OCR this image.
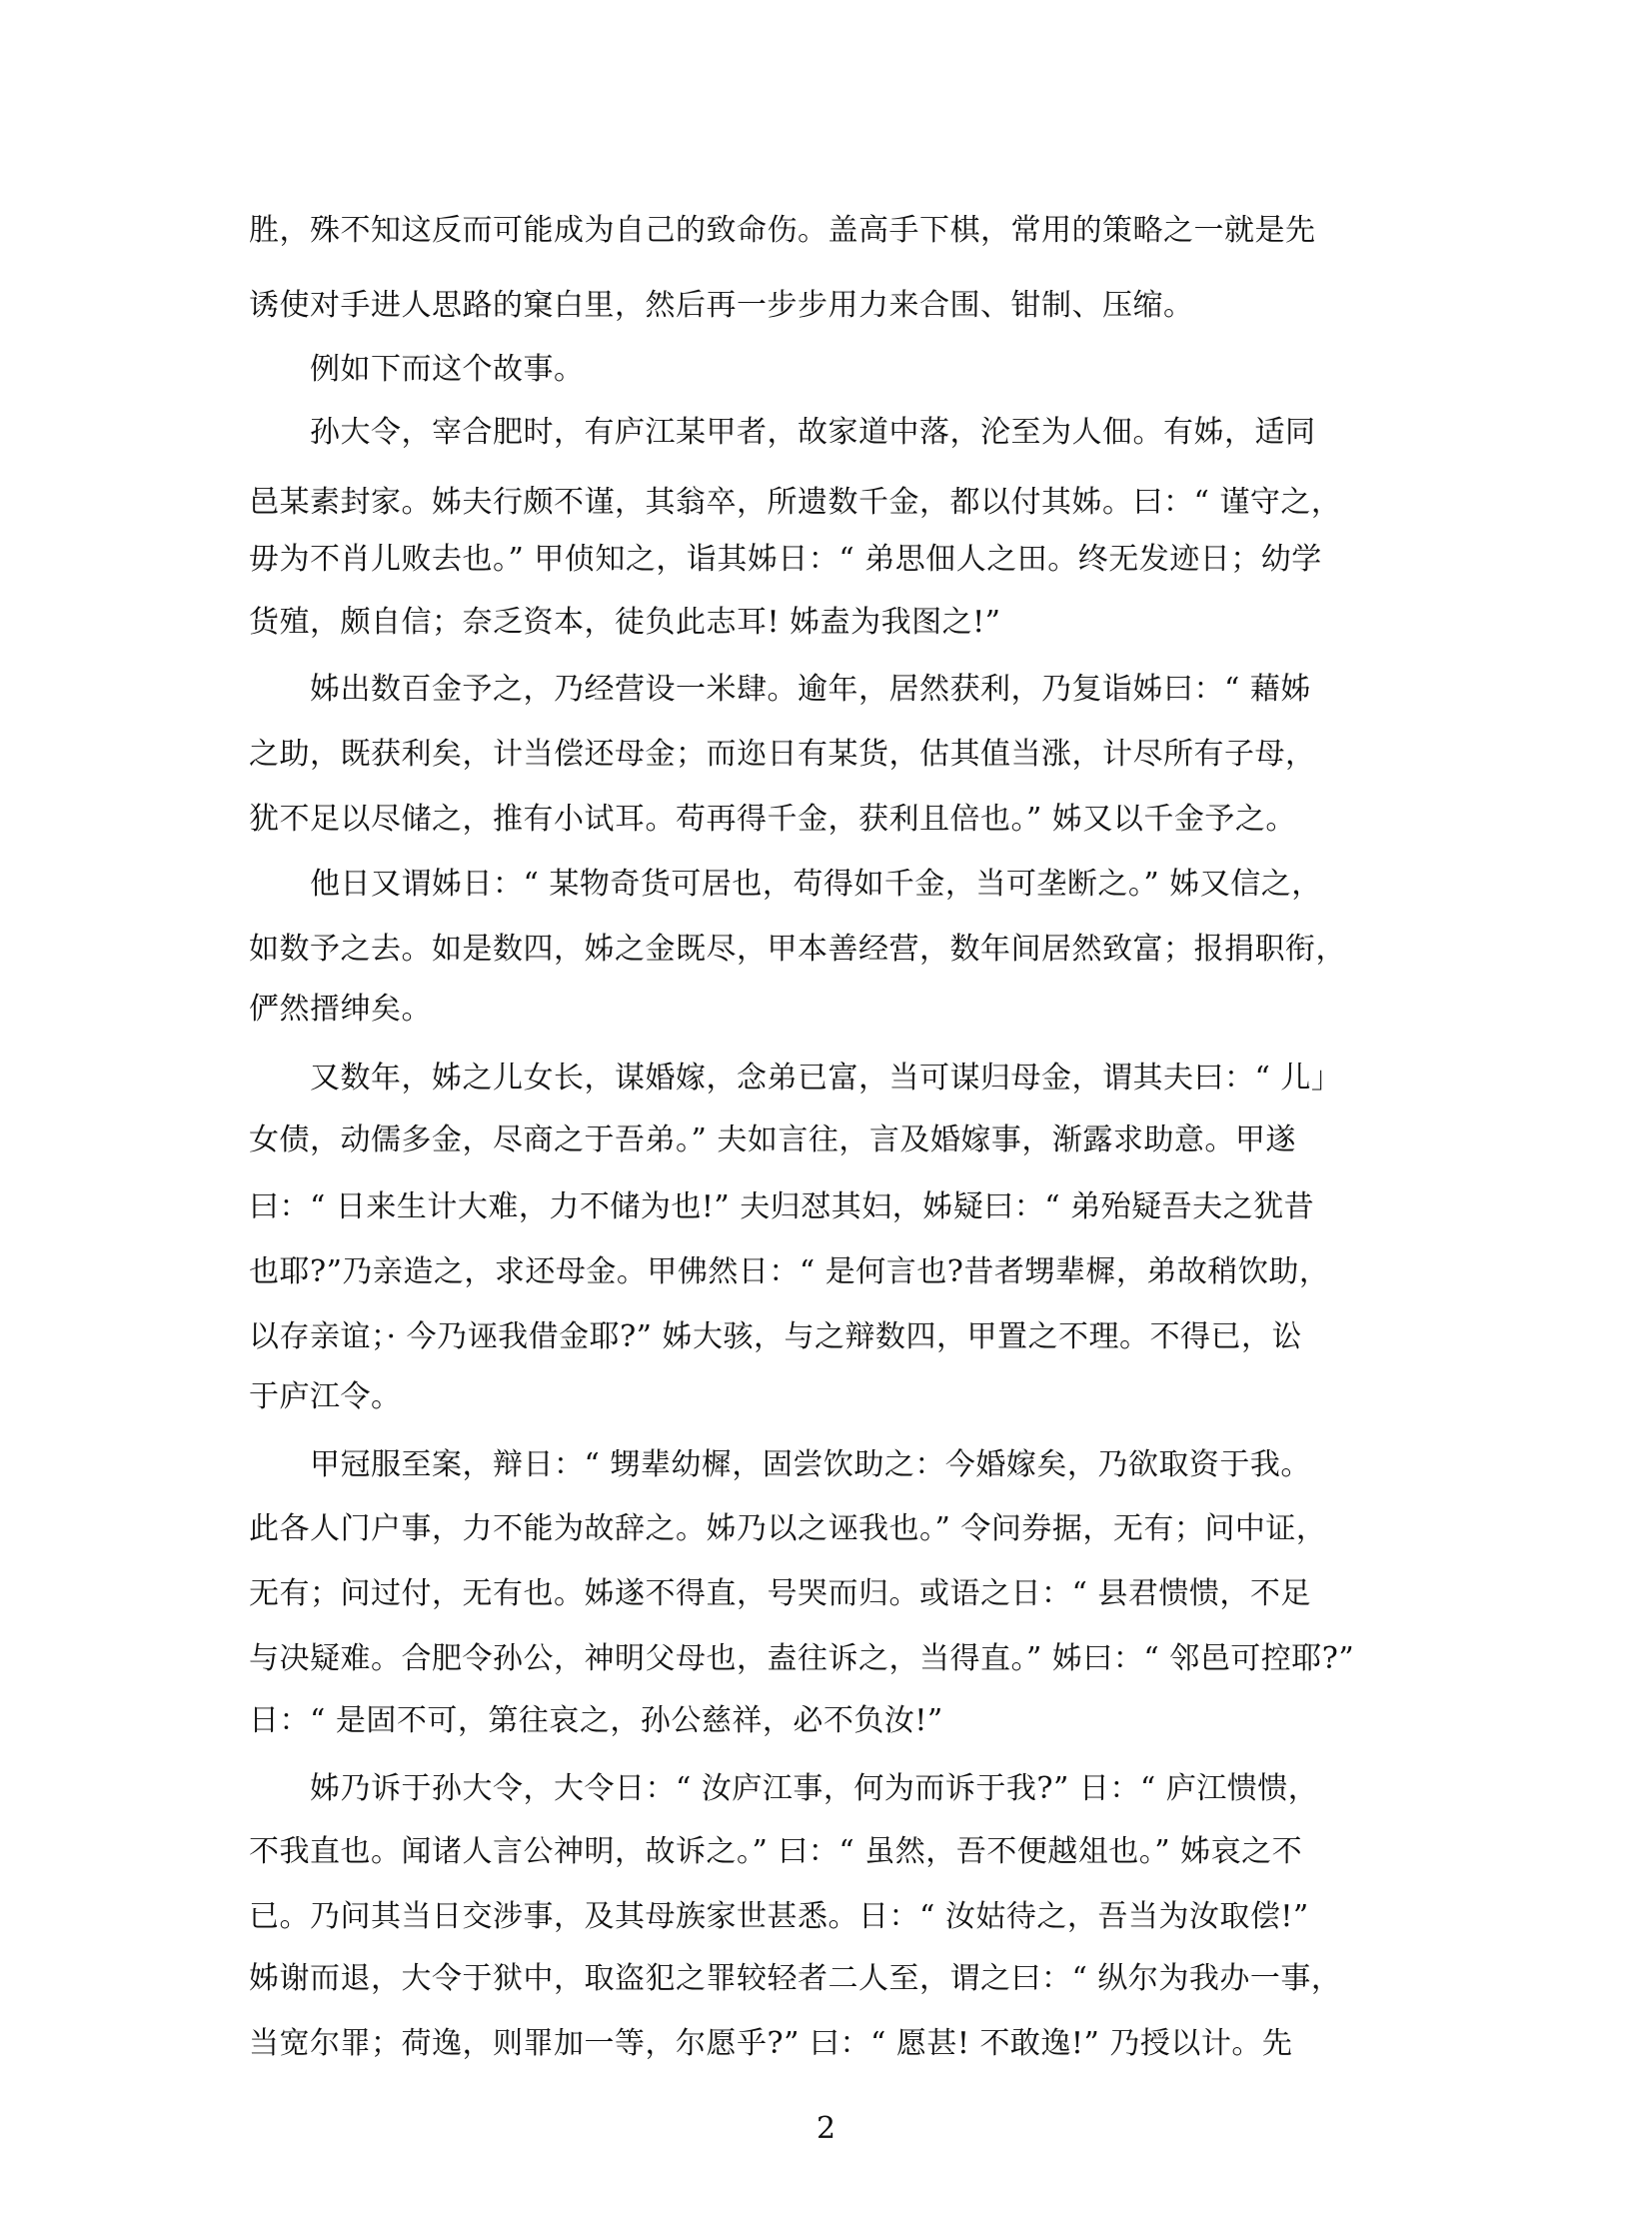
胜，殊不知这反而可能成为自己的致命伤。盖高手下棋，常用的策略之一就是先
诱使对手进人思路的窠白里，然后再一步步用力来合围、钳制、压缩。
　　例如下而这个故事。
　　孙大令，宰合肥时，有庐江某甲者，故家道中落，沦至为人佃。有姊，适同
邑某素封家。姊夫行颇不谨，其翁卒，所遗数千金，都以付其姊。曰：“ 谨守之，
毋为不肖儿败去也。” 甲侦知之，诣其姊日：“ 弟思佃人之田。终无发迹日；幼学
货殖，颇自信；奈乏资本，徒负此志耳! 姊盍为我图之!”
　　姊出数百金予之，乃经营设一米肆。逾年，居然获利，乃复诣姊曰：“ 藉姊
之助，既获利矣，计当偿还母金；而迩日有某货，估其值当涨，计尽所有子母，
犹不足以尽储之，推有小试耳。苟再得千金，获利且倍也。” 姊又以千金予之。
　　他日又谓姊日：“ 某物奇货可居也，苟得如千金，当可垄断之。” 姊又信之，
如数予之去。如是数四，姊之金既尽，甲本善经营，数年间居然致富；报捐职衔，
俨然搢绅矣。
　　又数年，姊之儿女长，谋婚嫁，念弟已富，当可谋归母金，谓其夫曰：“ 儿」
女债，动儒多金，尽商之于吾弟。” 夫如言往，言及婚嫁事，渐露求助意。甲遂
曰：“ 日来生计大难，力不储为也!” 夫归怼其妇，姊疑曰：“ 弟殆疑吾夫之犹昔
也耶?”乃亲造之，求还母金。甲佛然日：“ 是何言也?昔者甥辈樨，弟故稍饮助，
以存亲谊；· 今乃诬我借金耶?” 姊大骇，与之辩数四，甲置之不理。不得已，讼
于庐江令。
　　甲冠服至案，辩日：“ 甥辈幼樨，固尝饮助之：今婚嫁矣，乃欲取资于我。
此各人门户事，力不能为故辞之。姊乃以之诬我也。” 令问券据，无有；问中证，
无有；问过付，无有也。姊遂不得直，号哭而归。或语之日：“ 县君愦愦，不足
与决疑难。合肥令孙公，神明父母也，盍往诉之，当得直。” 姊曰：“ 邻邑可控耶?”
日：“ 是固不可，第往哀之，孙公慈祥，必不负汝!”
　　姊乃诉于孙大令，大令日：“ 汝庐江事，何为而诉于我?” 日：“ 庐江愦愦，
不我直也。闻诸人言公神明，故诉之。” 曰：“ 虽然，吾不便越俎也。” 姊哀之不
已。乃问其当日交涉事，及其母族家世甚悉。日：“ 汝姑待之，吾当为汝取偿!”
姊谢而退，大令于狱中，取盗犯之罪较轻者二人至，谓之曰：“ 纵尔为我办一事，
当宽尔罪；荷逸，则罪加一等，尔愿乎?” 曰：“ 愿甚! 不敢逸!” 乃授以计。先
2
